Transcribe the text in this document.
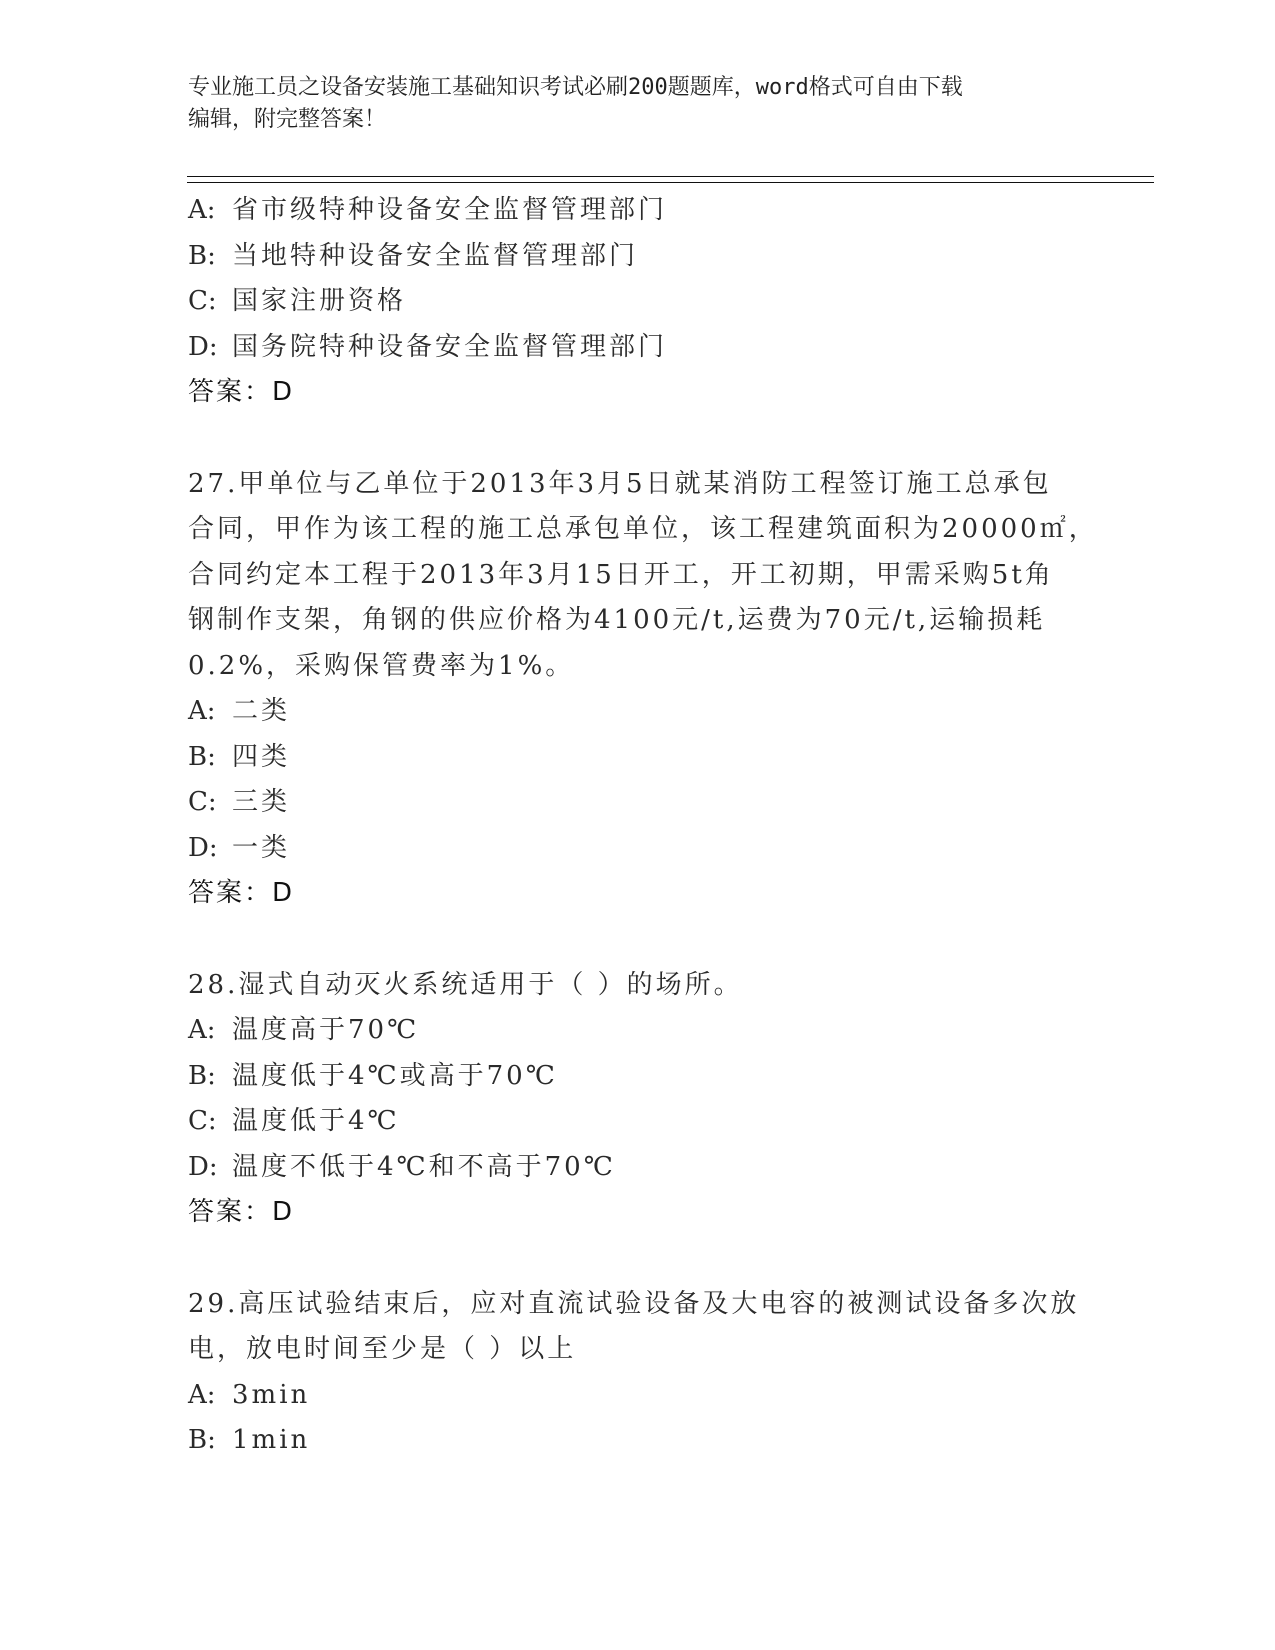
专业施工员之设备安装施工基础知识考试必刷200题题库，word格式可自由下载
编辑，附完整答案！
A: 省市级特种设备安全监督管理部门
B: 当地特种设备安全监督管理部门
C: 国家注册资格
D: 国务院特种设备安全监督管理部门
答案：D
27.甲单位与乙单位于2013年3月5日就某消防工程签订施工总承包
合同，甲作为该工程的施工总承包单位，该工程建筑面积为20000㎡，
合同约定本工程于2013年3月15日开工，开工初期，甲需采购5t角
钢制作支架，角钢的供应价格为4100元/t,运费为70元/t,运输损耗
0.2%，采购保管费率为1%。
A: 二类
B: 四类
C: 三类
D: 一类
答案：D
28.湿式自动灭火系统适用于（ ）的场所。
A: 温度高于70℃
B: 温度低于4℃或高于70℃
C: 温度低于4℃
D: 温度不低于4℃和不高于70℃
答案：D
29.高压试验结束后，应对直流试验设备及大电容的被测试设备多次放
电，放电时间至少是（ ）以上
A: 3min
B: 1min
